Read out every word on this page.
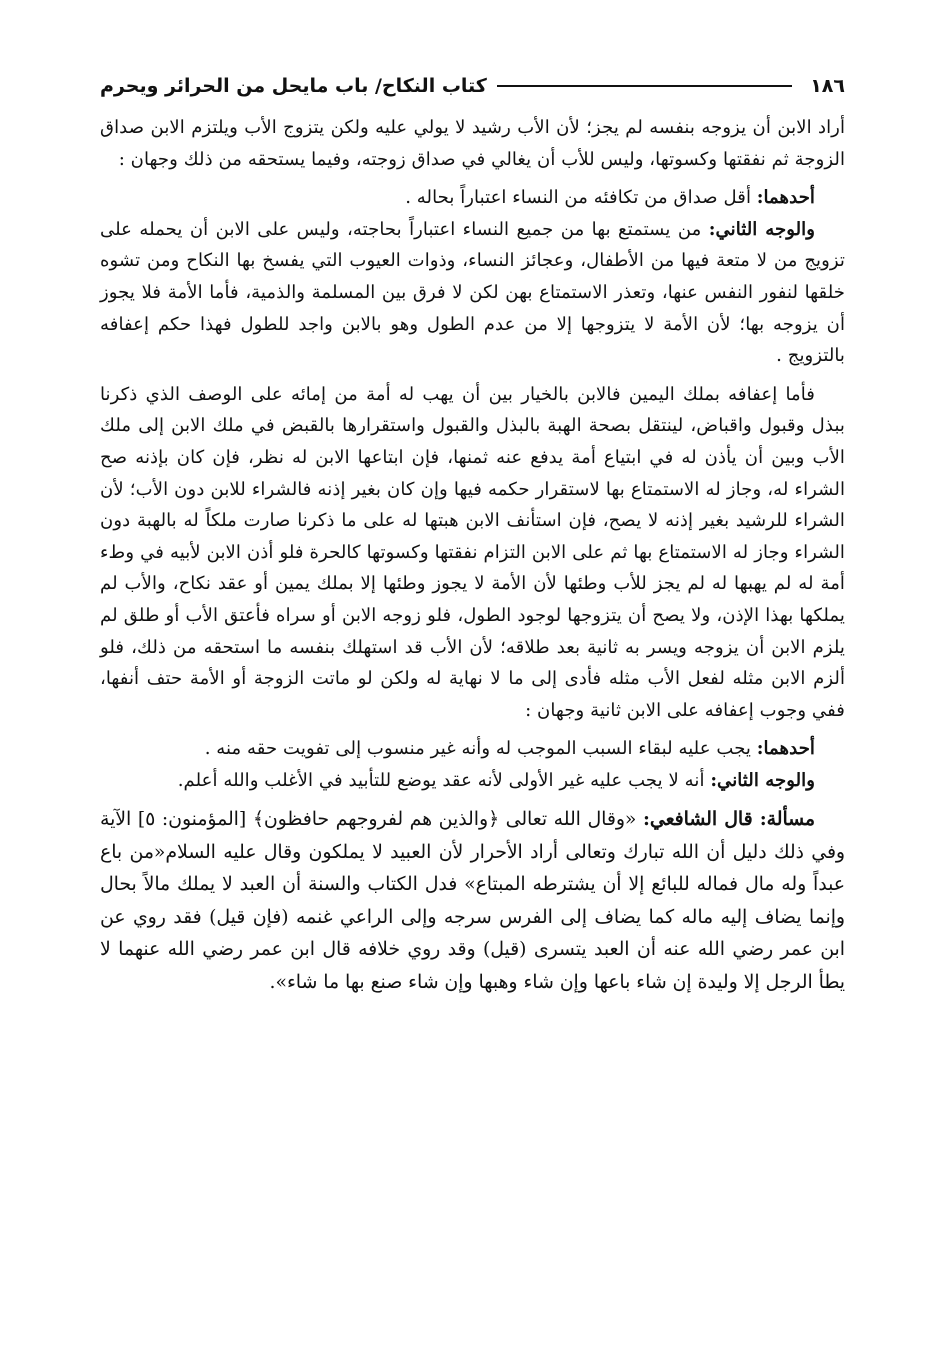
١٨٦
كتاب النكاح/ باب مايحل من الحرائر ويحرم

أراد الابن أن يزوجه بنفسه لم يجز؛ لأن الأب رشيد لا يولي عليه ولكن يتزوج الأب ويلتزم الابن صداق الزوجة ثم نفقتها وكسوتها، وليس للأب أن يغالي في صداق زوجته، وفيما يستحقه من ذلك وجهان :

أحدهما: أقل صداق من تكافئه من النساء اعتباراً بحاله .

والوجه الثاني: من يستمتع بها من جميع النساء اعتباراً بحاجته، وليس على الابن أن يحمله على تزويج من لا متعة فيها من الأطفال، وعجائز النساء، وذوات العيوب التي يفسخ بها النكاح ومن تشوه خلقها لنفور النفس عنها، وتعذر الاستمتاع بهن لكن لا فرق بين المسلمة والذمية، فأما الأمة فلا يجوز أن يزوجه بها؛ لأن الأمة لا يتزوجها إلا من عدم الطول وهو بالابن واجد للطول فهذا حكم إعفافه بالتزويج .

فأما إعفافه بملك اليمين فالابن بالخيار بين أن يهب له أمة من إمائه على الوصف الذي ذكرنا ببذل وقبول واقباض، لينتقل بصحة الهبة بالبذل والقبول واستقرارها بالقبض في ملك الابن إلى ملك الأب وبين أن يأذن له في ابتياع أمة يدفع عنه ثمنها، فإن ابتاعها الابن له نظر، فإن كان بإذنه صح الشراء له، وجاز له الاستمتاع بها لاستقرار حكمه فيها وإن كان بغير إذنه فالشراء للابن دون الأب؛ لأن الشراء للرشيد بغير إذنه لا يصح، فإن استأنف الابن هبتها له على ما ذكرنا صارت ملكاً له بالهبة دون الشراء وجاز له الاستمتاع بها ثم على الابن التزام نفقتها وكسوتها كالحرة فلو أذن الابن لأبيه في وطء أمة له لم يهبها له لم يجز للأب وطئها لأن الأمة لا يجوز وطئها إلا بملك يمين أو عقد نكاح، والأب لم يملكها بهذا الإذن، ولا يصح أن يتزوجها لوجود الطول، فلو زوجه الابن أو سراه فأعتق الأب أو طلق لم يلزم الابن أن يزوجه ويسر به ثانية بعد طلاقه؛ لأن الأب قد استهلك بنفسه ما استحقه من ذلك، فلو ألزم الابن مثله لفعل الأب مثله فأدى إلى ما لا نهاية له ولكن لو ماتت الزوجة أو الأمة حتف أنفها، ففي وجوب إعفافه على الابن ثانية وجهان :

أحدهما: يجب عليه لبقاء السبب الموجب له وأنه غير منسوب إلى تفويت حقه منه .

والوجه الثاني: أنه لا يجب عليه غير الأولى لأنه عقد يوضع للتأبيد في الأغلب والله أعلم.

مسألة: قال الشافعي: «وقال الله تعالى ﴿والذين هم لفروجهم حافظون﴾ [المؤمنون: ٥] الآية وفي ذلك دليل أن الله تبارك وتعالى أراد الأحرار لأن العبيد لا يملكون وقال عليه السلام«من باع عبداً وله مال فماله للبائع إلا أن يشترطه المبتاع» فدل الكتاب والسنة أن العبد لا يملك مالاً بحال وإنما يضاف إليه ماله كما يضاف إلى الفرس سرجه وإلى الراعي غنمه (فإن قيل) فقد روي عن ابن عمر رضي الله عنه أن العبد يتسرى (قيل) وقد روي خلافه قال ابن عمر رضي الله عنهما لا يطأ الرجل إلا وليدة إن شاء باعها وإن شاء وهبها وإن شاء صنع بها ما شاء».
